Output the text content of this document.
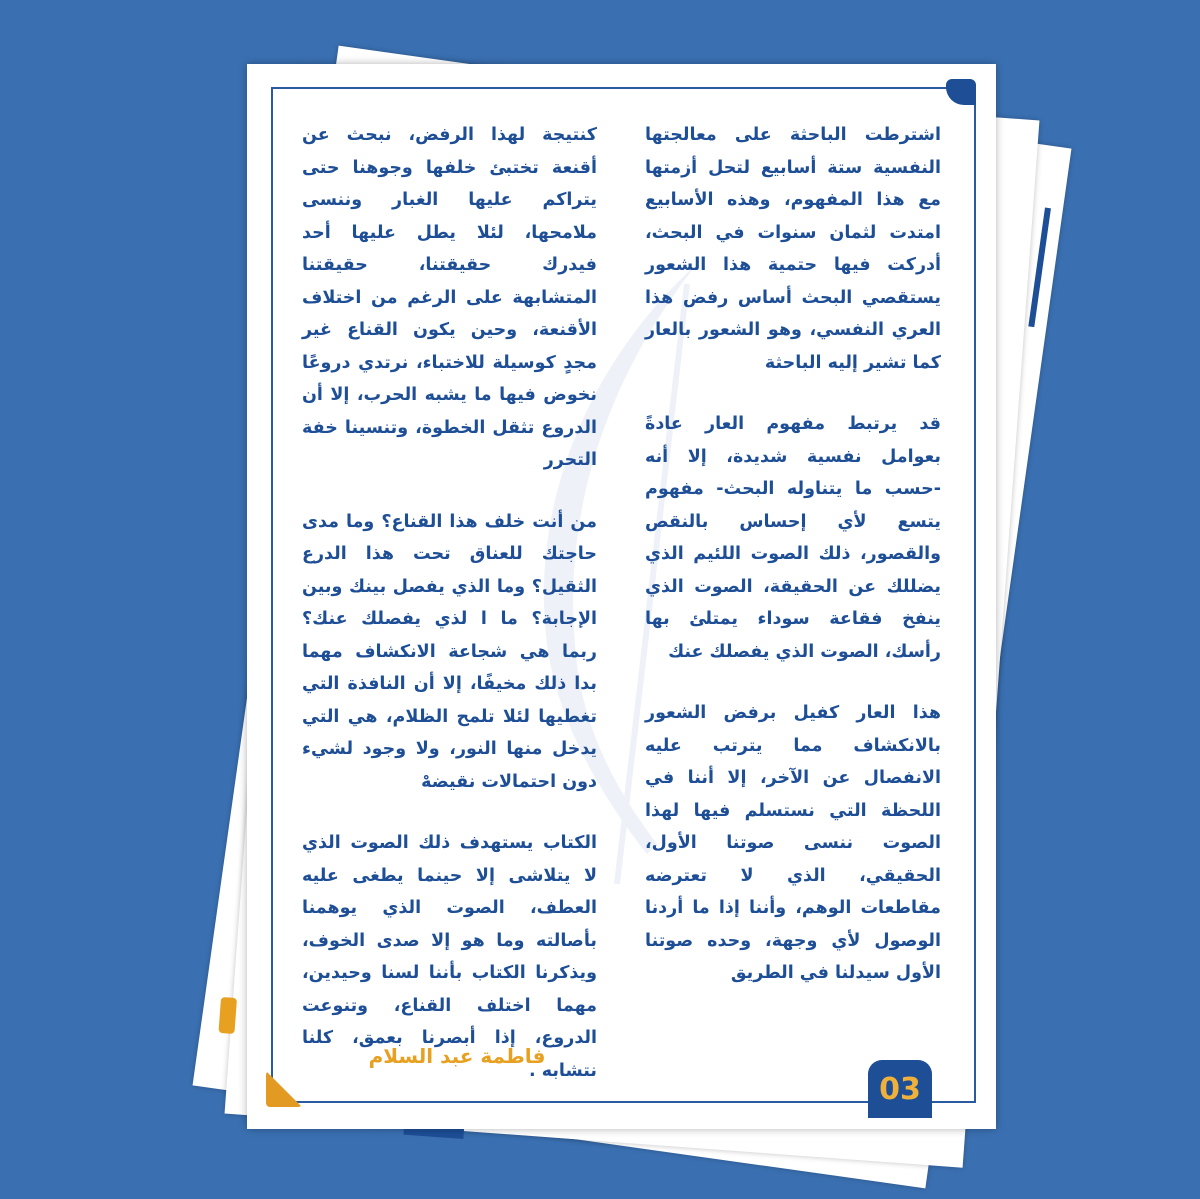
اشترطت الباحثة على معالجتها النفسية ستة أسابيع لتحل أزمتها مع هذا المفهوم، وهذه الأسابيع امتدت لثمان سنوات في البحث، أدركت فيها حتمية هذا الشعور يستقصي البحث أساس رفض هذا العري النفسي، وهو الشعور بالعار كما تشير إليه الباحثة

قد يرتبط مفهوم العار عادةً بعوامل نفسية شديدة، إلا أنه -حسب ما يتناوله البحث- مفهوم يتسع لأي إحساس بالنقص والقصور، ذلك الصوت اللئيم الذي يضللك عن الحقيقة، الصوت الذي ينفخ فقاعة سوداء يمتلئ بها رأسك، الصوت الذي يفصلك عنك

هذا العار كفيل برفض الشعور بالانكشاف مما يترتب عليه الانفصال عن الآخر، إلا أننا في اللحظة التي نستسلم فيها لهذا الصوت ننسى صوتنا الأول، الحقيقي، الذي لا تعترضه مقاطعات الوهم، وأننا إذا ما أردنا الوصول لأي وجهة، وحده صوتنا الأول سيدلنا في الطريق

كنتيجة لهذا الرفض، نبحث عن أقنعة تختبئ خلفها وجوهنا حتى يتراكم عليها الغبار وننسى ملامحها، لئلا يطل عليها أحد فيدرك حقيقتنا، حقيقتنا المتشابهة على الرغم من اختلاف الأقنعة، وحين يكون القناع غير مجدٍ كوسيلة للاختباء، نرتدي دروعًا نخوض فيها ما يشبه الحرب، إلا أن الدروع تثقل الخطوة، وتنسينا خفة التحرر

من أنت خلف هذا القناع؟ وما مدى حاجتك للعناق تحت هذا الدرع الثقيل؟ وما الذي يفصل بينك وبين الإجابة؟ ما ا لذي يفصلك عنك؟ ربما هي شجاعة الانكشاف مهما بدا ذلك مخيفًا، إلا أن النافذة التي تغطيها لئلا تلمح الظلام، هي التي يدخل منها النور، ولا وجود لشيء دون احتمالات نقيضهْ

الكتاب يستهدف ذلك الصوت الذي لا يتلاشى إلا حينما يطغى عليه العطف، الصوت الذي يوهمنا بأصالته وما هو إلا صدى الخوف، ويذكرنا الكتاب بأننا لسنا وحيدين، مهما اختلف القناع، وتنوعت الدروع، إذا أبصرنا بعمق، كلنا نتشابه .

فاطمة عبد السلام
03
